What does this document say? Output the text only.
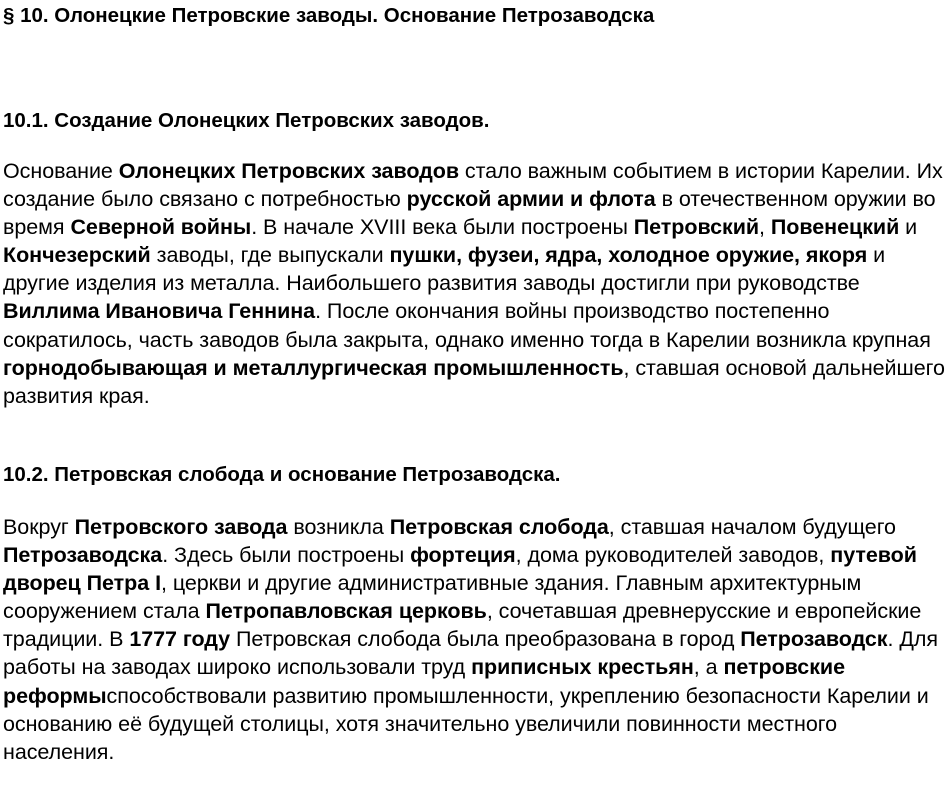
§ 10. Олонецкие Петровские заводы. Основание Петрозаводска
10.1. Создание Олонецких Петровских заводов.

Основание Олонецких Петровских заводов стало важным событием в истории Карелии. Их создание было связано с потребностью русской армии и флота в отечественном оружии во время Северной войны. В начале XVIII века были построены Петровский, Повенецкий и Кончезерский заводы, где выпускали пушки, фузеи, ядра, холодное оружие, якоря и другие изделия из металла. Наибольшего развития заводы достигли при руководстве Виллима Ивановича Геннина. После окончания войны производство постепенно сократилось, часть заводов была закрыта, однако именно тогда в Карелии возникла крупная горнодобывающая и металлургическая промышленность, ставшая основой дальнейшего развития края.

10.2. Петровская слобода и основание Петрозаводска.

Вокруг Петровского завода возникла Петровская слобода, ставшая началом будущего Петрозаводска. Здесь были построены фортеция, дома руководителей заводов, путевой дворец Петра I, церкви и другие административные здания. Главным архитектурным сооружением стала Петропавловская церковь, сочетавшая древнерусские и европейские традиции. В 1777 году Петровская слобода была преобразована в город Петрозаводск. Для работы на заводах широко использовали труд приписных крестьян, а петровские реформыспособствовали развитию промышленности, укреплению безопасности Карелии и основанию её будущей столицы, хотя значительно увеличили повинности местного населения.
